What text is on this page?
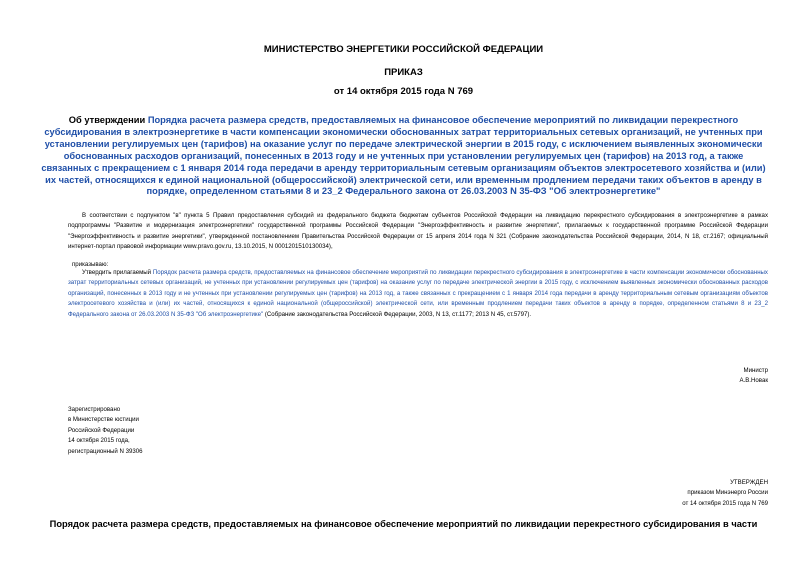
МИНИСТЕРСТВО ЭНЕРГЕТИКИ РОССИЙСКОЙ ФЕДЕРАЦИИ
ПРИКАЗ
от 14 октября 2015 года N 769
Об утверждении Порядка расчета размера средств, предоставляемых на финансовое обеспечение мероприятий по ликвидации перекрестного субсидирования в электроэнергетике в части компенсации экономически обоснованных затрат территориальных сетевых организаций, не учтенных при установлении регулируемых цен (тарифов) на оказание услуг по передаче электрической энергии в 2015 году, с исключением выявленных экономически обоснованных расходов организаций, понесенных в 2013 году и не учтенных при установлении регулируемых цен (тарифов) на 2013 год, а также связанных с прекращением с 1 января 2014 года передачи в аренду территориальным сетевым организациям объектов электросетевого хозяйства и (или) их частей, относящихся к единой национальной (общероссийской) электрической сети, или временным продлением передачи таких объектов в аренду в порядке, определенном статьями 8 и 23_2 Федерального закона от 26.03.2003 N 35-ФЗ "Об электроэнергетике"
В соответствии с подпунктом "в" пункта 5 Правил предоставления субсидий из федерального бюджета бюджетам субъектов Российской Федерации на ликвидацию перекрестного субсидирования в электроэнергетике в рамках подпрограммы "Развитие и модернизация электроэнергетики" государственной программы Российской Федерации "Энергоэффективность и развитие энергетики", прилагаемых к государственной программе Российской Федерации "Энергоэффективность и развитие энергетики", утвержденной постановлением Правительства Российской Федерации от 15 апреля 2014 года N 321 (Собрание законодательства Российской Федерации, 2014, N 18, ст.2167; официальный интернет-портал правовой информации www.pravo.gov.ru, 13.10.2015, N 0001201510130034),
приказываю:
Утвердить прилагаемый Порядок расчета размера средств, предоставляемых на финансовое обеспечение мероприятий по ликвидации перекрестного субсидирования в электроэнергетике в части компенсации экономически обоснованных затрат территориальных сетевых организаций, не учтенных при установлении регулируемых цен (тарифов) на оказание услуг по передаче электрической энергии в 2015 году, с исключением выявленных экономически обоснованных расходов организаций, понесенных в 2013 году и не учтенных при установлении регулируемых цен (тарифов) на 2013 год, а также связанных с прекращением с 1 января 2014 года передачи в аренду территориальным сетевым организациям объектов электросетевого хозяйства и (или) их частей, относящихся к единой национальной (общероссийской) электрической сети, или временным продлением передачи таких объектов в аренду в порядке, определенном статьями 8 и 23_2 Федерального закона от 26.03.2003 N 35-ФЗ "Об электроэнергетике" (Собрание законодательства Российской Федерации, 2003, N 13, ст.1177; 2013 N 45, ст.5797).
Министр
А.В.Новак
Зарегистрировано
в Министерстве юстиции
Российской Федерации
14 октября 2015 года,
регистрационный N 39306
УТВЕРЖДЕН
приказом Минэнерго России
от 14 октября 2015 года N 769
Порядок расчета размера средств, предоставляемых на финансовое обеспечение мероприятий по ликвидации перекрестного субсидирования в части
